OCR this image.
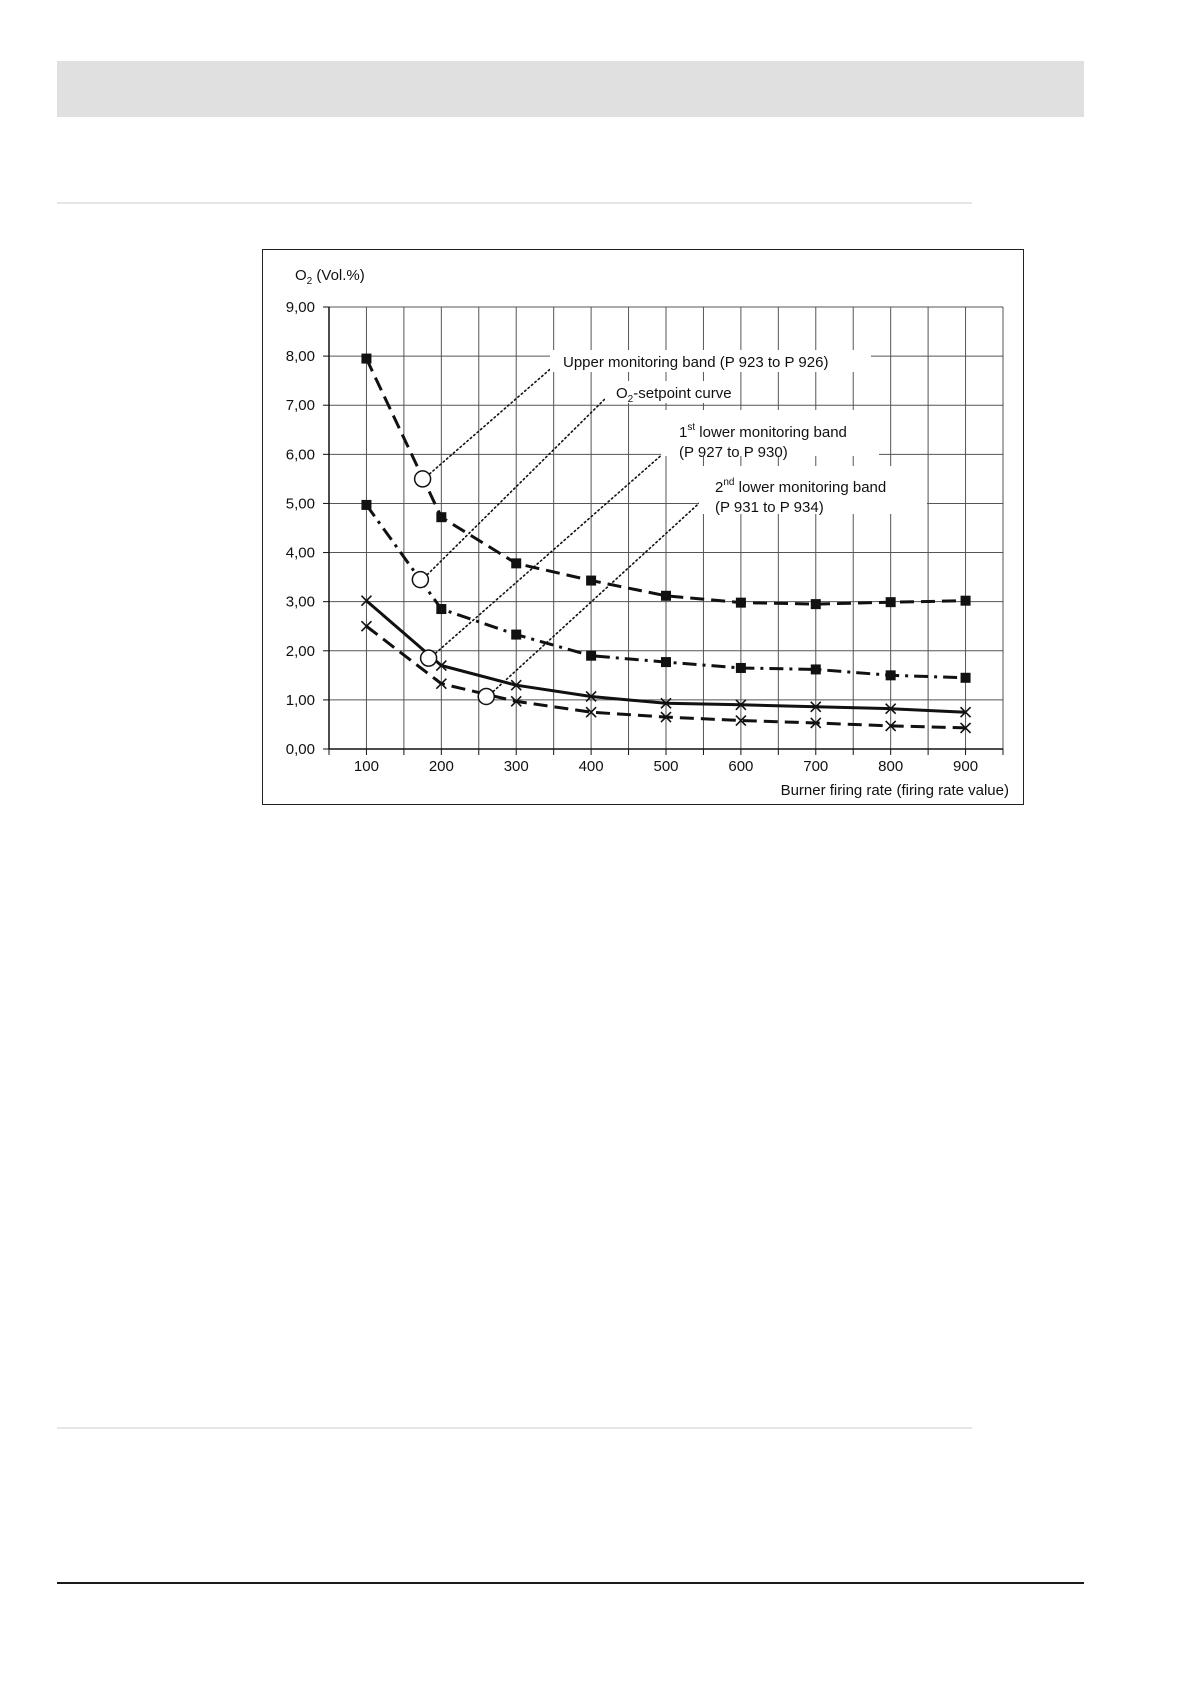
0,00
1,00
2,00
3,00
4,00
5,00
6,00
7,00
8,00
9,00
100	200	300	400	500	600	700	800	900
Upper monitoring band (P 923 to P 926)
$O_2$-setpoint curve
1st lower monitoring band
(P 927 to P 930)
2nd lower monitoring band
(P 931 to P 934)
$O_2$ (Vol.%)
Burner firing rate (firing rate value)
